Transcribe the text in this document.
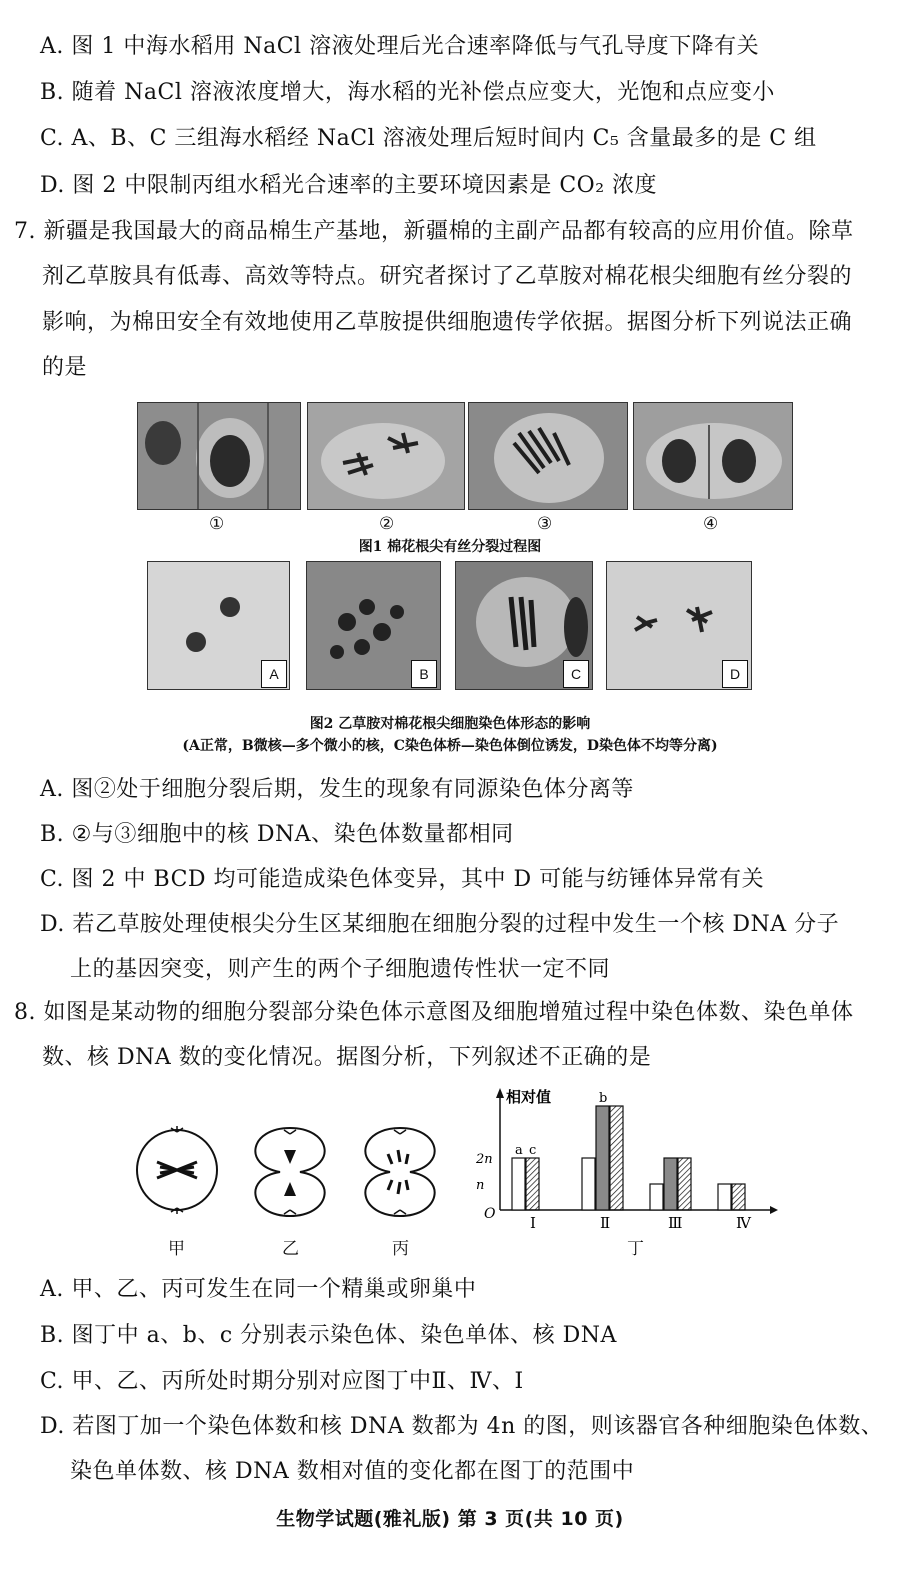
A. 图 1 中海水稻用 NaCl 溶液处理后光合速率降低与气孔导度下降有关
B. 随着 NaCl 溶液浓度增大，海水稻的光补偿点应变大，光饱和点应变小
C. A、B、C 三组海水稻经 NaCl 溶液处理后短时间内 C₅ 含量最多的是 C 组
D. 图 2 中限制丙组水稻光合速率的主要环境因素是 CO₂ 浓度
7. 新疆是我国最大的商品棉生产基地，新疆棉的主副产品都有较高的应用价值。除草
剂乙草胺具有低毒、高效等特点。研究者探讨了乙草胺对棉花根尖细胞有丝分裂的
影响，为棉田安全有效地使用乙草胺提供细胞遗传学依据。据图分析下列说法正确
的是
①	②	③	④
图1 棉花根尖有丝分裂过程图
A	B	C	D
图2 乙草胺对棉花根尖细胞染色体形态的影响
(A正常，B微核—多个微小的核，C染色体桥—染色体倒位诱发，D染色体不均等分离)
A. 图②处于细胞分裂后期，发生的现象有同源染色体分离等
B. ②与③细胞中的核 DNA、染色体数量都相同
C. 图 2 中 BCD 均可能造成染色体变异，其中 D 可能与纺锤体异常有关
D. 若乙草胺处理使根尖分生区某细胞在细胞分裂的过程中发生一个核 DNA 分子
上的基因突变，则产生的两个子细胞遗传性状一定不同
8. 如图是某动物的细胞分裂部分染色体示意图及细胞增殖过程中染色体数、染色单体
数、核 DNA 数的变化情况。据图分析，下列叙述不正确的是
甲	乙	丙
相对值
O
a c
Ⅰ
b
Ⅱ	Ⅲ	Ⅳ
n
2n
丁
A. 甲、乙、丙可发生在同一个精巢或卵巢中
B. 图丁中 a、b、c 分别表示染色体、染色单体、核 DNA
C. 甲、乙、丙所处时期分别对应图丁中Ⅱ、Ⅳ、Ⅰ
D. 若图丁加一个染色体数和核 DNA 数都为 4n 的图，则该器官各种细胞染色体数、
染色单体数、核 DNA 数相对值的变化都在图丁的范围中
生物学试题(雅礼版) 第 3 页(共 10 页)
